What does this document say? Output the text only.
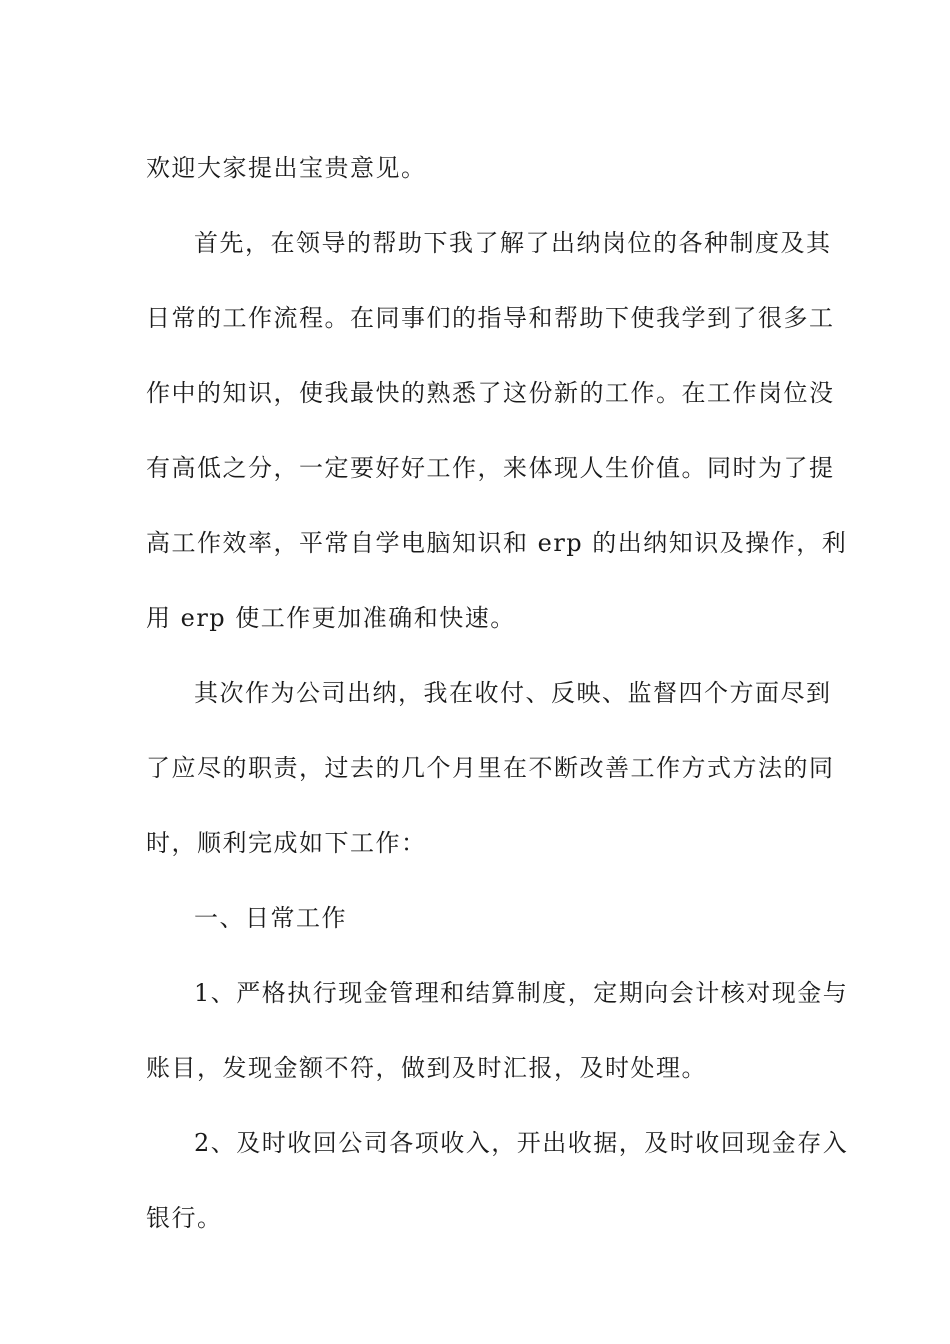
欢迎大家提出宝贵意见。
首先，在领导的帮助下我了解了出纳岗位的各种制度及其
日常的工作流程。在同事们的指导和帮助下使我学到了很多工
作中的知识，使我最快的熟悉了这份新的工作。在工作岗位没
有高低之分，一定要好好工作，来体现人生价值。同时为了提
高工作效率，平常自学电脑知识和 erp 的出纳知识及操作，利
用 erp 使工作更加准确和快速。
其次作为公司出纳，我在收付、反映、监督四个方面尽到
了应尽的职责，过去的几个月里在不断改善工作方式方法的同
时，顺利完成如下工作：
一、日常工作
1、严格执行现金管理和结算制度，定期向会计核对现金与
账目，发现金额不符，做到及时汇报，及时处理。
2、及时收回公司各项收入，开出收据，及时收回现金存入
银行。
